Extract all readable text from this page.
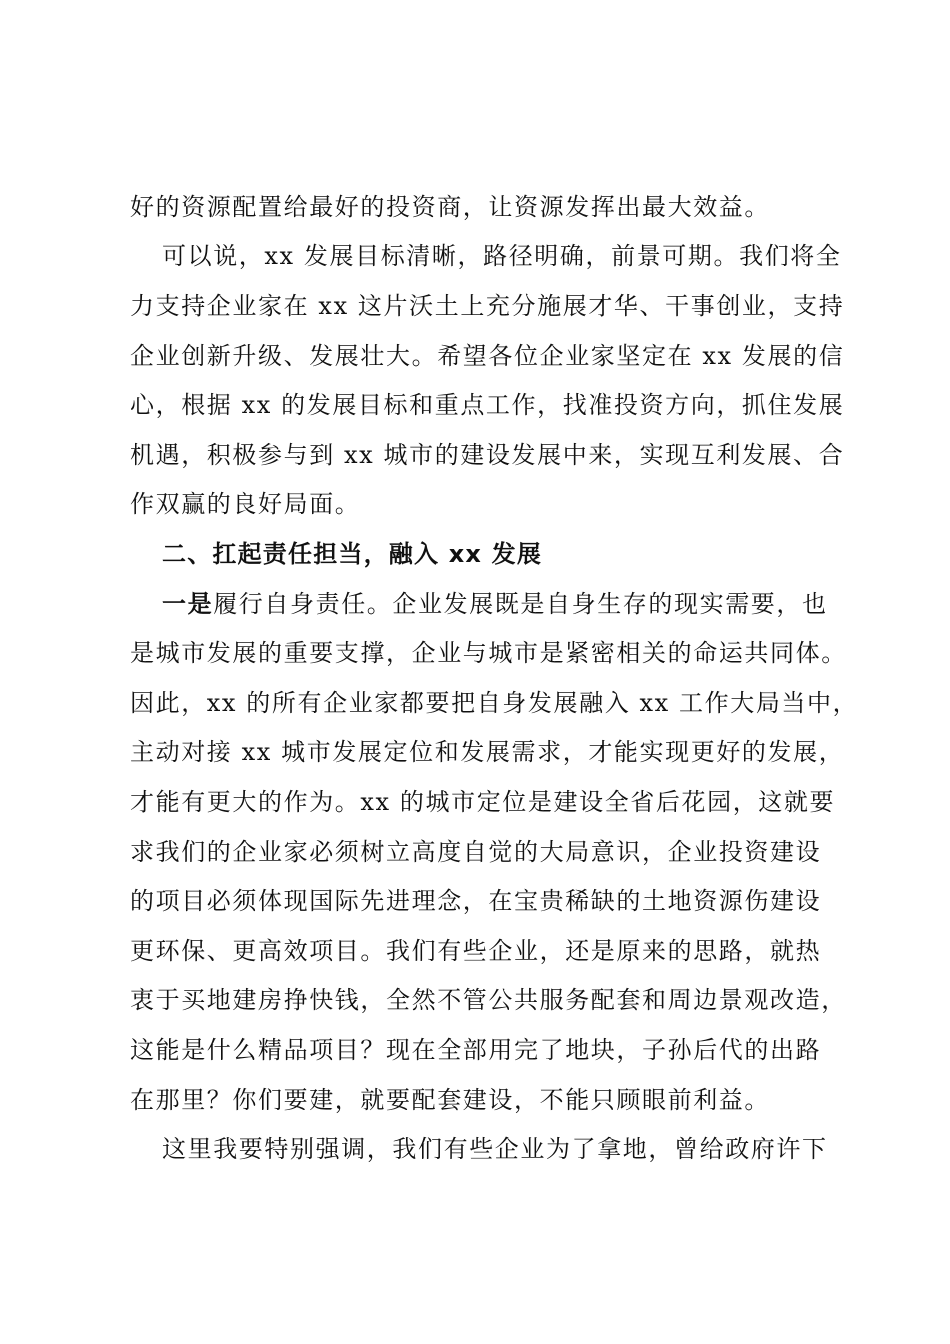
好的资源配置给最好的投资商，让资源发挥出最大效益。
可以说，xx 发展目标清晰，路径明确，前景可期。我们将全
力支持企业家在 xx 这片沃土上充分施展才华、干事创业，支持
企业创新升级、发展壮大。希望各位企业家坚定在 xx 发展的信
心，根据 xx 的发展目标和重点工作，找准投资方向，抓住发展
机遇，积极参与到 xx 城市的建设发展中来，实现互利发展、合
作双赢的良好局面。
二、扛起责任担当，融入 xx 发展
一是履行自身责任。企业发展既是自身生存的现实需要，也
是城市发展的重要支撑，企业与城市是紧密相关的命运共同体。
因此，xx 的所有企业家都要把自身发展融入 xx 工作大局当中，
主动对接 xx 城市发展定位和发展需求，才能实现更好的发展，
才能有更大的作为。xx 的城市定位是建设全省后花园，这就要
求我们的企业家必须树立高度自觉的大局意识，企业投资建设
的项目必须体现国际先进理念，在宝贵稀缺的土地资源伤建设
更环保、更高效项目。我们有些企业，还是原来的思路，就热
衷于买地建房挣快钱，全然不管公共服务配套和周边景观改造，
这能是什么精品项目？现在全部用完了地块，子孙后代的出路
在那里？你们要建，就要配套建设，不能只顾眼前利益。
这里我要特别强调，我们有些企业为了拿地，曾给政府许下
